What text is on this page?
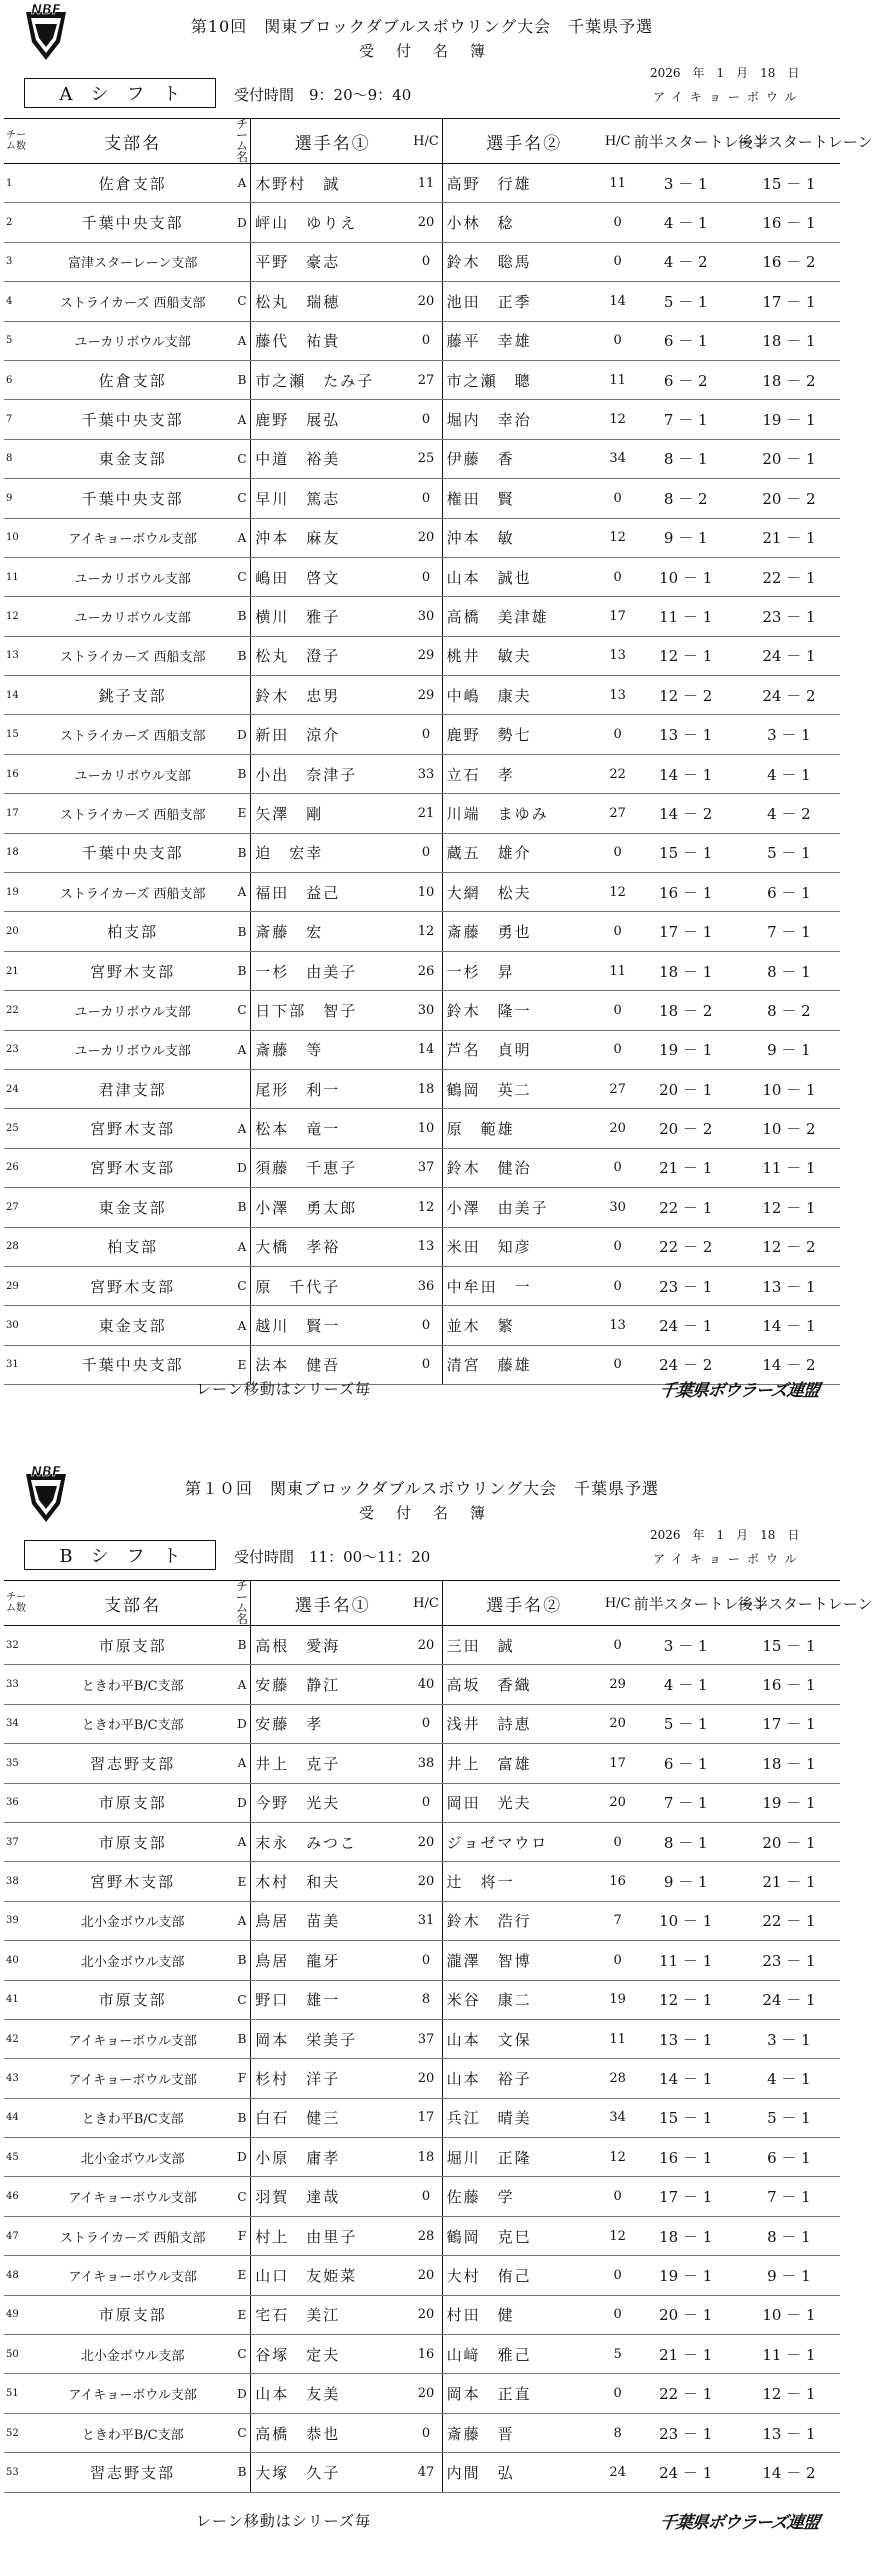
NBF
第10回　関東ブロックダブルスボウリング大会　千葉県予選
受付名簿
Aシフト	受付時間　9：20～9：40
2026　年　1　月　18　日
アイキョーボウル
チーム数	支部名	チーム名	選手名①	H/C	選手名②	H/C	前半スタートレーン	後半スタートレーン
1	佐倉支部	A	木野村　誠	11	高野　行雄	11	3 － 1	15 － 1
2	千葉中央支部	D	岼山　ゆりえ	20	小林　稔	0	4 － 1	16 － 1
3	富津スターレーン支部		平野　豪志	0	鈴木　聡馬	0	4 － 2	16 － 2
4	ストライカーズ 西船支部	C	松丸　瑞穂	20	池田　正季	14	5 － 1	17 － 1
5	ユーカリボウル支部	A	藤代　祐貴	0	藤平　幸雄	0	6 － 1	18 － 1
6	佐倉支部	B	市之瀬　たみ子	27	市之瀬　聰	11	6 － 2	18 － 2
7	千葉中央支部	A	鹿野　展弘	0	堀内　幸治	12	7 － 1	19 － 1
8	東金支部	C	中道　裕美	25	伊藤　香	34	8 － 1	20 － 1
9	千葉中央支部	C	早川　篤志	0	権田　賢	0	8 － 2	20 － 2
10	アイキョーボウル支部	A	沖本　麻友	20	沖本　敏	12	9 － 1	21 － 1
11	ユーカリボウル支部	C	嶋田　啓文	0	山本　誠也	0	10 － 1	22 － 1
12	ユーカリボウル支部	B	横川　雅子	30	高橋　美津雄	17	11 － 1	23 － 1
13	ストライカーズ 西船支部	B	松丸　澄子	29	桃井　敏夫	13	12 － 1	24 － 1
14	銚子支部		鈴木　忠男	29	中嶋　康夫	13	12 － 2	24 － 2
15	ストライカーズ 西船支部	D	新田　涼介	0	鹿野　勢七	0	13 － 1	3 － 1
16	ユーカリボウル支部	B	小出　奈津子	33	立石　孝	22	14 － 1	4 － 1
17	ストライカーズ 西船支部	E	矢澤　剛	21	川端　まゆみ	27	14 － 2	4 － 2
18	千葉中央支部	B	迫　宏幸	0	蔵五　雄介	0	15 － 1	5 － 1
19	ストライカーズ 西船支部	A	福田　益己	10	大網　松夫	12	16 － 1	6 － 1
20	柏支部	B	斎藤　宏	12	斎藤　勇也	0	17 － 1	7 － 1
21	宮野木支部	B	一杉　由美子	26	一杉　昇	11	18 － 1	8 － 1
22	ユーカリボウル支部	C	日下部　智子	30	鈴木　隆一	0	18 － 2	8 － 2
23	ユーカリボウル支部	A	斎藤　等	14	芦名　貞明	0	19 － 1	9 － 1
24	君津支部		尾形　利一	18	鶴岡　英二	27	20 － 1	10 － 1
25	宮野木支部	A	松本　竜一	10	原　範雄	20	20 － 2	10 － 2
26	宮野木支部	D	須藤　千恵子	37	鈴木　健治	0	21 － 1	11 － 1
27	東金支部	B	小澤　勇太郎	12	小澤　由美子	30	22 － 1	12 － 1
28	柏支部	A	大橋　孝裕	13	米田　知彦	0	22 － 2	12 － 2
29	宮野木支部	C	原　千代子	36	中牟田　一	0	23 － 1	13 － 1
30	東金支部	A	越川　賢一	0	並木　繁	13	24 － 1	14 － 1
31	千葉中央支部	E	法本　健吾	0	清宮　藤雄	0	24 － 2	14 － 2
レーン移動はシリーズ毎	千葉県ボウラーズ連盟
NBF
第１０回　関東ブロックダブルスボウリング大会　千葉県予選
受付名簿
Bシフト	受付時間　11：00～11：20
2026　年　1　月　18　日
アイキョーボウル
チーム数	支部名	チーム名	選手名①	H/C	選手名②	H/C	前半スタートレーン	後半スタートレーン
32	市原支部	B	高根　愛海	20	三田　誠	0	3 － 1	15 － 1
33	ときわ平B/C支部	A	安藤　静江	40	高坂　香織	29	4 － 1	16 － 1
34	ときわ平B/C支部	D	安藤　孝	0	浅井　詩恵	20	5 － 1	17 － 1
35	習志野支部	A	井上　克子	38	井上　富雄	17	6 － 1	18 － 1
36	市原支部	D	今野　光夫	0	岡田　光夫	20	7 － 1	19 － 1
37	市原支部	A	末永　みつこ	20	ジョゼマウロ	0	8 － 1	20 － 1
38	宮野木支部	E	木村　和夫	20	辻　将一	16	9 － 1	21 － 1
39	北小金ボウル支部	A	鳥居　苗美	31	鈴木　浩行	7	10 － 1	22 － 1
40	北小金ボウル支部	B	鳥居　龍牙	0	瀧澤　智博	0	11 － 1	23 － 1
41	市原支部	C	野口　雄一	8	米谷　康二	19	12 － 1	24 － 1
42	アイキョーボウル支部	B	岡本　栄美子	37	山本　文保	11	13 － 1	3 － 1
43	アイキョーボウル支部	F	杉村　洋子	20	山本　裕子	28	14 － 1	4 － 1
44	ときわ平B/C支部	B	白石　健三	17	兵江　晴美	34	15 － 1	5 － 1
45	北小金ボウル支部	D	小原　庸孝	18	堀川　正隆	12	16 － 1	6 － 1
46	アイキョーボウル支部	C	羽賀　達哉	0	佐藤　学	0	17 － 1	7 － 1
47	ストライカーズ 西船支部	F	村上　由里子	28	鶴岡　克巳	12	18 － 1	8 － 1
48	アイキョーボウル支部	E	山口　友姫菜	20	大村　侑己	0	19 － 1	9 － 1
49	市原支部	E	宅石　美江	20	村田　健	0	20 － 1	10 － 1
50	北小金ボウル支部	C	谷塚　定夫	16	山﨑　雅己	5	21 － 1	11 － 1
51	アイキョーボウル支部	D	山本　友美	20	岡本　正直	0	22 － 1	12 － 1
52	ときわ平B/C支部	C	高橋　恭也	0	斎藤　晋	8	23 － 1	13 － 1
53	習志野支部	B	大塚　久子	47	内間　弘	24	24 － 1	14 － 2
レーン移動はシリーズ毎	千葉県ボウラーズ連盟
